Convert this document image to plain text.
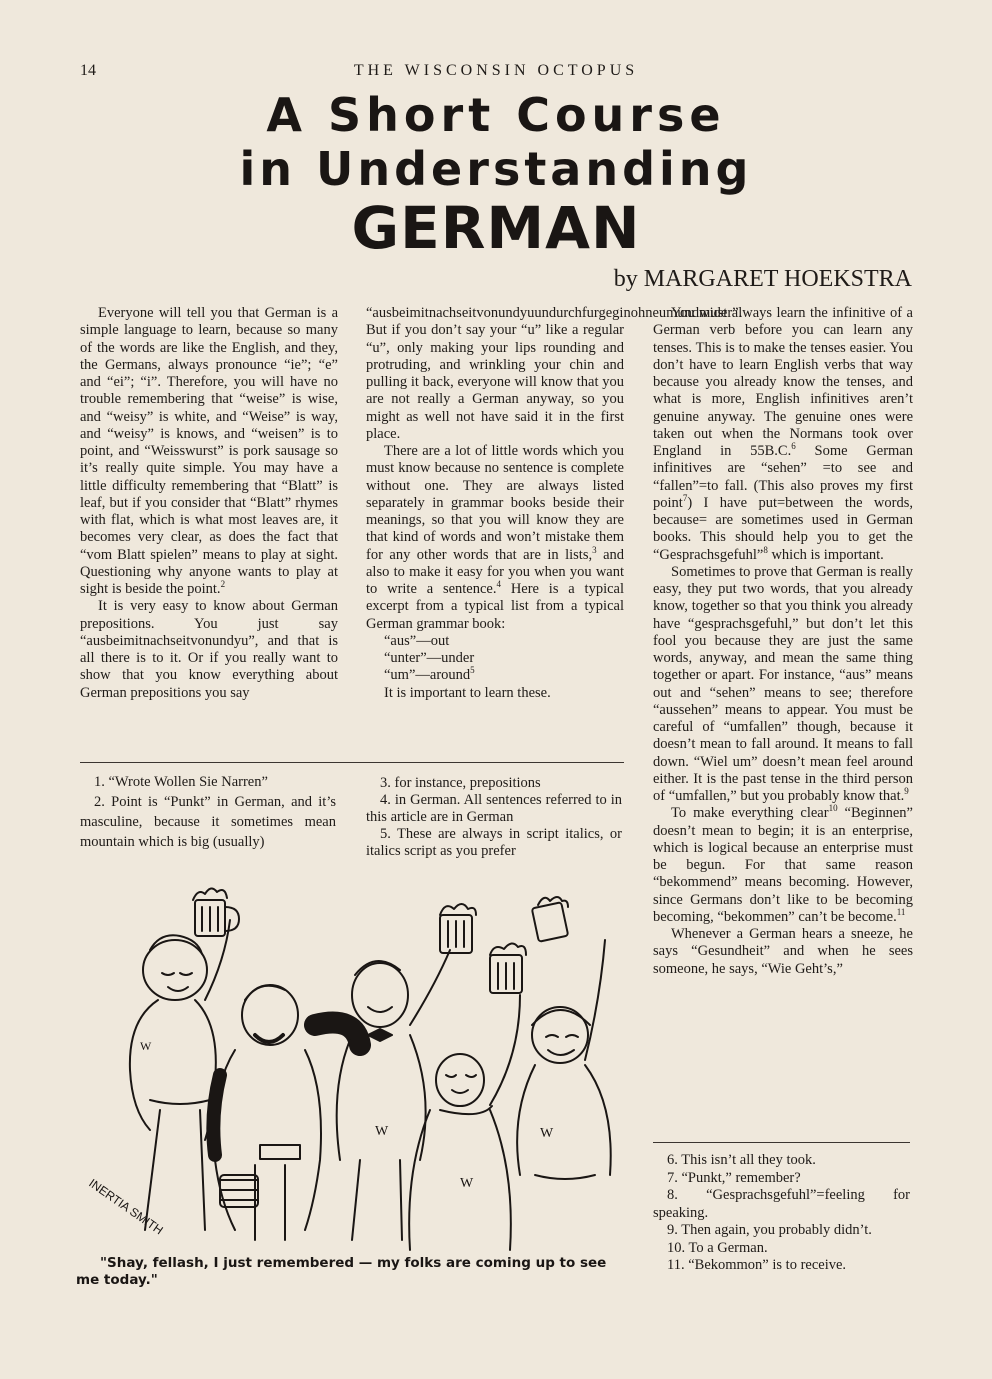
14	THE WISCONSIN OCTOPUS
A Short Course
in Understanding
GERMAN
by MARGARET HOEKSTRA

Everyone will tell you that German is a simple language to learn, because so many of the words are like the English, and they, the Germans, always pronounce “ie”; “e” and “ei”; “i”. Therefore, you will have no trouble remembering that “weise” is wise, and “weisy” is white, and “Weise” is way, and “weisy” is knows, and “weisen” is to point, and “Weisswurst” is pork sausage so it’s really quite simple. You may have a little difficulty remembering that “Blatt” is leaf, but if you consider that “Blatt” rhymes with flat, which is what most leaves are, it becomes very clear, as does the fact that “vom Blatt spielen” means to play at sight. Questioning why anyone wants to play at sight is beside the point.$^2$

It is very easy to know about German prepositions. You just say “ausbeimitnachseitvonundyu”, and that is all there is to it. Or if you really want to show that you know everything about German prepositions you say

“ausbeimitnachseitvonundyuundurchfurgeginohneumundwider”. But if you don’t say your “u” like a regular “u”, only making your lips rounding and protruding, and wrinkling your chin and pulling it back, everyone will know that you are not really a German anyway, so you might as well not have said it in the first place.

There are a lot of little words which you must know because no sentence is complete without one. They are always listed separately in grammar books beside their meanings, so that you will know they are that kind of words and won’t mistake them for any other words that are in lists,$^3$ and also to make it easy for you when you want to write a sentence.$^4$ Here is a typical excerpt from a typical list from a typical German grammar book:

“aus”—out

“unter”—under

“um”—around$^5$

It is important to learn these.

You must always learn the infinitive of a German verb before you can learn any tenses. This is to make the tenses easier. You don’t have to learn English verbs that way because you already know the tenses, and what is more, English infinitives aren’t genuine anyway. The genuine ones were taken out when the Normans took over England in 55B.C.$^6$ Some German infinitives are “sehen” =to see and “fallen”=to fall. (This also proves my first point$^7$) I have put=between the words, because= are sometimes used in German books. This should help you to get the “Gesprachsgefuhl”$^8$ which is important.

Sometimes to prove that German is really easy, they put two words, that you already know, together so that you think you already have “gesprachsgefuhl,” but don’t let this fool you because they are just the same words, anyway, and mean the same thing together or apart. For instance, “aus” means out and “sehen” means to see; therefore “aussehen” means to appear. You must be careful of “umfallen” though, because it doesn’t mean to fall around. It means to fall down. “Wiel um” doesn’t mean feel around either. It is the past tense in the third person of “umfallen,” but you probably know that.$^9$

To make everything clear$^{10}$ “Beginnen” doesn’t mean to begin; it is an enterprise, which is logical because an enterprise must be begun. For that same reason “bekommend” means becoming. However, since Germans don’t like to be becoming becoming, “bekommen” can’t be become.$^{11}$

Whenever a German hears a sneeze, he says “Gesundheit” and when he sees someone, he says, “Wie Geht’s,”

1. “Wrote Wollen Sie Narren”

2. Point is “Punkt” in German, and it’s masculine, because it sometimes mean mountain which is big (usually)

3. for instance, prepositions

4. in German. All sentences referred to in this article are in German

5. These are always in script italics, or italics script as you prefer

6. This isn’t all they took.

7. “Punkt,” remember?

8. “Gesprachsgefuhl”=feeling for speaking.

9. Then again, you probably didn’t.

10. To a German.

11. “Bekommon” is to receive.

W
W
W
W
INERTIA SMITH
"Shay, fellash, I just remembered — my folks are coming up to see me today."
